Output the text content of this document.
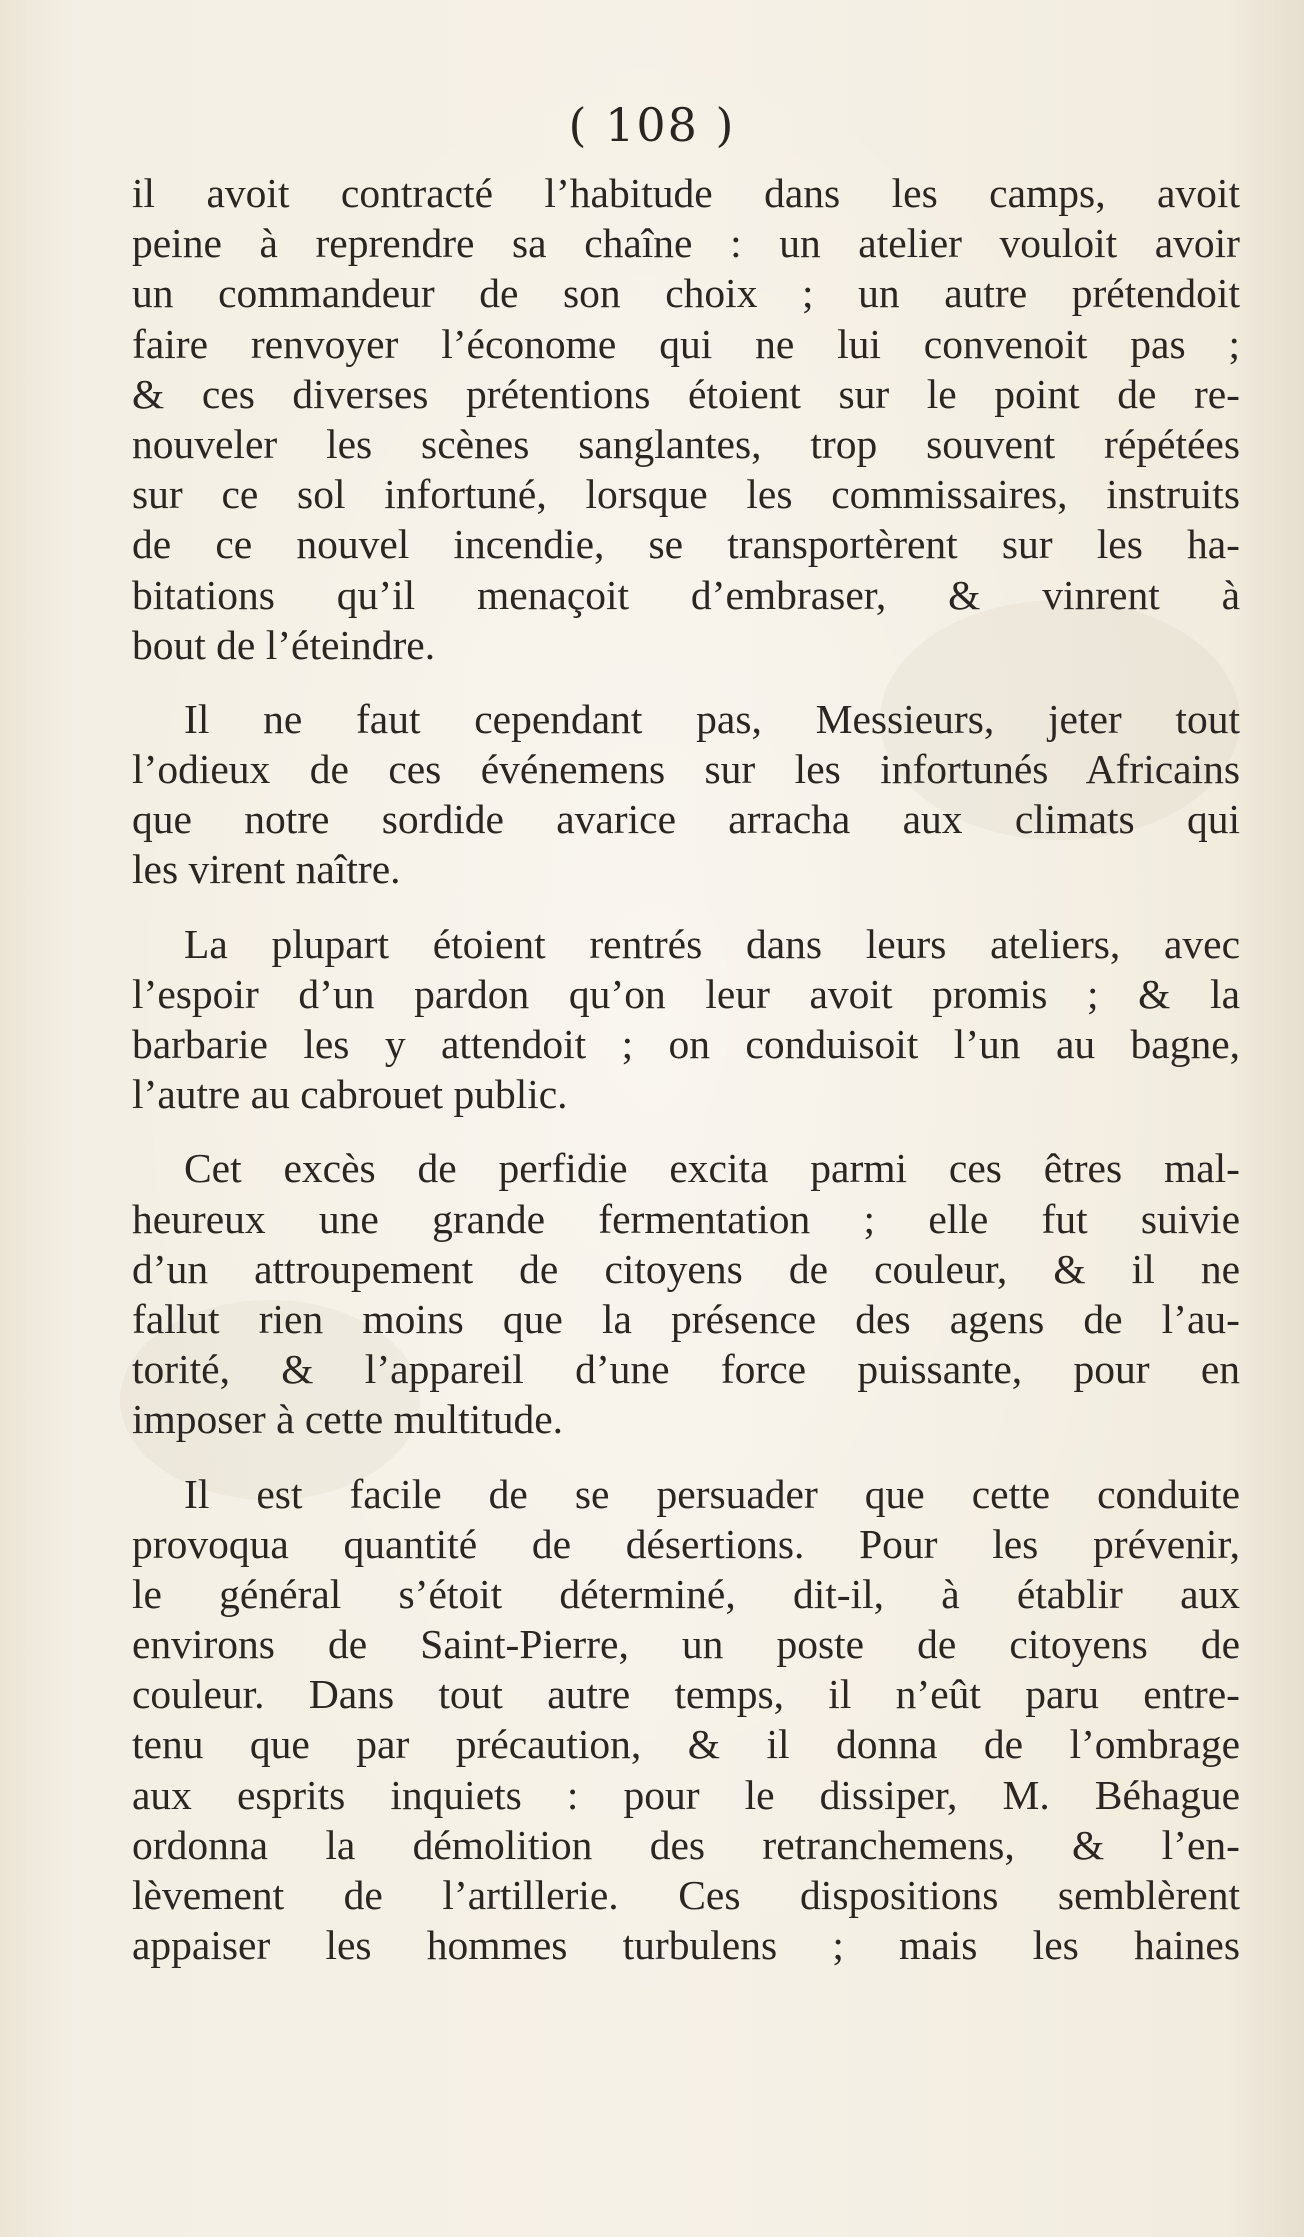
( 108 )
il avoit contracté l’habitude dans les camps, avoit
peine à reprendre sa chaîne : un atelier vouloit avoir
un commandeur de son choix ; un autre prétendoit
faire renvoyer l’économe qui ne lui convenoit pas ;
& ces diverses prétentions étoient sur le point de re-
nouveler les scènes sanglantes, trop souvent répétées
sur ce sol infortuné, lorsque les commissaires, instruits
de ce nouvel incendie, se transportèrent sur les ha-
bitations qu’il menaçoit d’embraser, & vinrent à
bout de l’éteindre.
Il ne faut cependant pas, Messieurs, jeter tout
l’odieux de ces événemens sur les infortunés Africains
que notre sordide avarice arracha aux climats qui
les virent naître.
La plupart étoient rentrés dans leurs ateliers, avec
l’espoir d’un pardon qu’on leur avoit promis ; & la
barbarie les y attendoit ; on conduisoit l’un au bagne,
l’autre au cabrouet public.
Cet excès de perfidie excita parmi ces êtres mal-
heureux une grande fermentation ; elle fut suivie
d’un attroupement de citoyens de couleur, & il ne
fallut rien moins que la présence des agens de l’au-
torité, & l’appareil d’une force puissante, pour en
imposer à cette multitude.
Il est facile de se persuader que cette conduite
provoqua quantité de désertions. Pour les prévenir,
le général s’étoit déterminé, dit-il, à établir aux
environs de Saint-Pierre, un poste de citoyens de
couleur. Dans tout autre temps, il n’eût paru entre-
tenu que par précaution, & il donna de l’ombrage
aux esprits inquiets : pour le dissiper, M. Béhague
ordonna la démolition des retranchemens, & l’en-
lèvement de l’artillerie. Ces dispositions semblèrent
appaiser les hommes turbulens ; mais les haines
